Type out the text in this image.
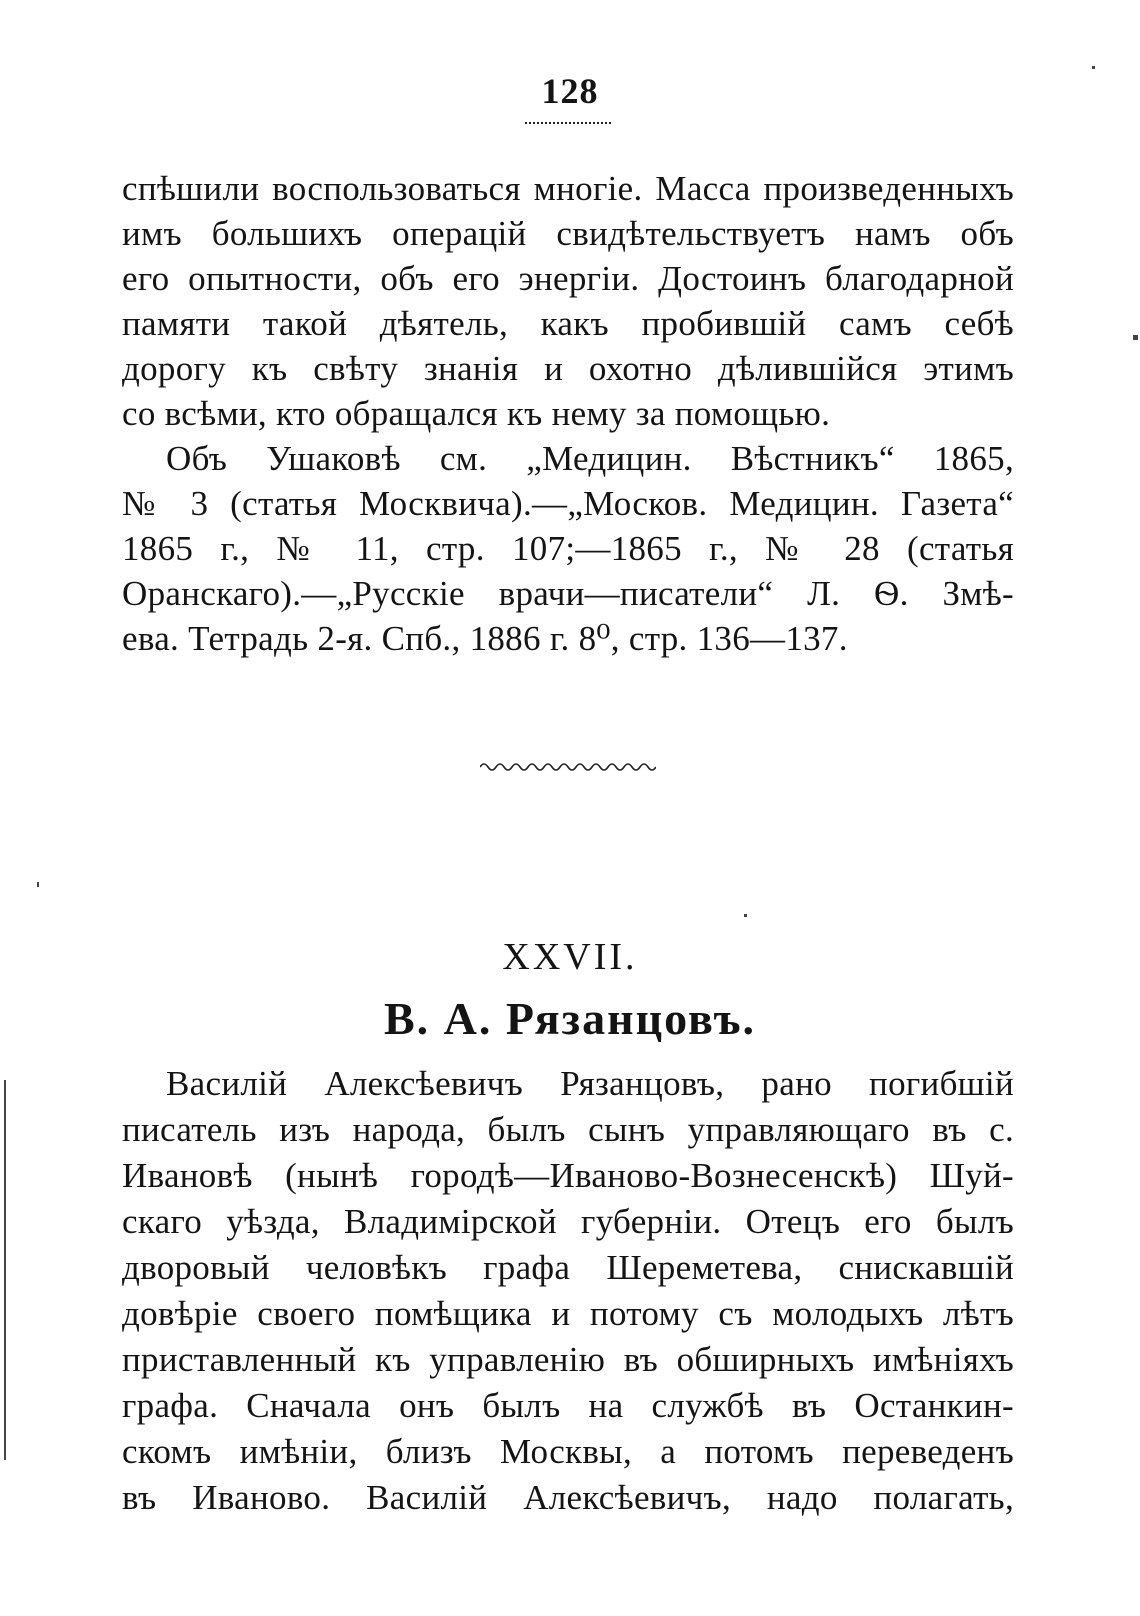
128
спѣшили воспользоваться многіе. Масса произведенныхъ
имъ большихъ операцій свидѣтельствуетъ намъ объ
его опытности, объ его энергіи. Достоинъ благодарной
памяти такой дѣятель, какъ пробившій самъ себѣ
дорогу къ свѣту знанія и охотно дѣлившійся этимъ
со всѣми, кто обращался къ нему за помощью.
Объ Ушаковѣ см. „Медицин. Вѣстникъ“ 1865,
№ 3 (статья Москвича).—„Москов. Медицин. Газета“
1865 г., № 11, стр. 107;—1865 г., № 28 (статья
Оранскаго).—„Русскіе врачи—писатели“ Л. Ѳ. Змѣ-
ева. Тетрадь 2-я. Спб., 1886 г. 8⁰, стр. 136—137.
XXVII.
В. А. Рязанцовъ.
Василій Алексѣевичъ Рязанцовъ, рано погибшій
писатель изъ народа, былъ сынъ управляющаго въ с.
Ивановѣ (нынѣ городѣ—Иваново-Вознесенскѣ) Шуй-
скаго уѣзда, Владимірской губерніи. Отецъ его былъ
дворовый человѣкъ графа Шереметева, снискавшій
довѣріе своего помѣщика и потому съ молодыхъ лѣтъ
приставленный къ управленію въ обширныхъ имѣніяхъ
графа. Сначала онъ былъ на службѣ въ Останкин-
скомъ имѣніи, близъ Москвы, а потомъ переведенъ
въ Иваново. Василій Алексѣевичъ, надо полагать,
